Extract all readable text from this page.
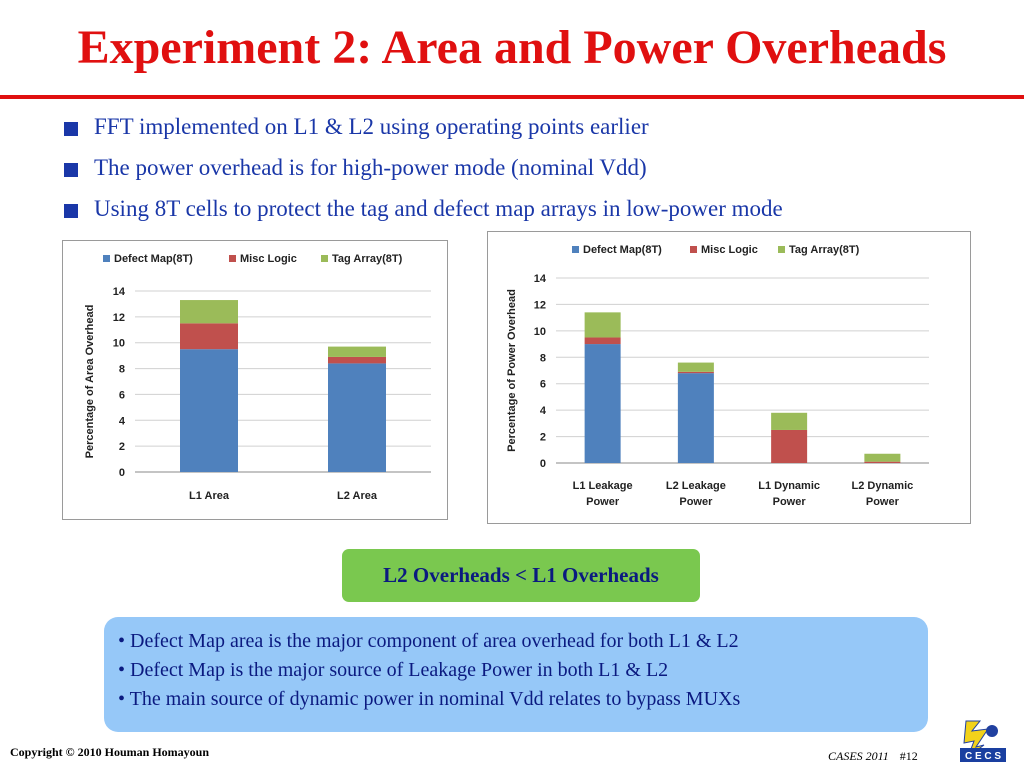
Experiment 2: Area and Power Overheads
FFT implemented on L1 & L2 using operating points earlier
The power overhead is for high-power mode (nominal Vdd)
Using 8T cells to protect the tag and defect map arrays in low-power mode
0
2
4
6
8
10
12
14
Percentage of Area Overhead
Defect Map(8T)	Misc Logic	Tag Array(8T)
L1 Area	L2 Area
0
2
4
6
8
10
12
14
Percentage of Power Overhead
Defect Map(8T)	Misc Logic	Tag Array(8T)
L1 Leakage
Power
L2 Leakage
Power
L1 Dynamic
Power
L2 Dynamic
Power
L2 Overheads < L1 Overheads
• Defect Map area is the major component of area overhead for both L1 & L2
• Defect Map is the major source of Leakage Power in both L1 & L2
• The main source of dynamic power in nominal Vdd relates to bypass MUXs
Copyright © 2010 Houman Homayoun	CASES 2011 #12	C E C S
